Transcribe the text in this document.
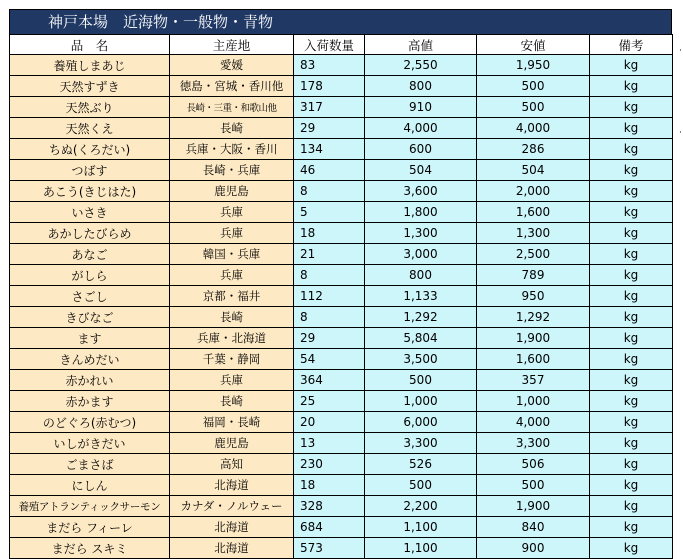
神戸本場　近海物・一般物・青物
品　名	主産地	入荷数量	高値	安値	備考
養殖しまあじ	愛媛	83	2,550	1,950	kg
天然すずき	徳島・宮城・香川他	178	800	500	kg
天然ぶり	長崎・三重・和歌山他	317	910	500	kg
天然くえ	長崎	29	4,000	4,000	kg
ちぬ(くろだい)	兵庫・大阪・香川	134	600	286	kg
つばす	長崎・兵庫	46	504	504	kg
あこう(きじはた)	鹿児島	8	3,600	2,000	kg
いさき	兵庫	5	1,800	1,600	kg
あかしたびらめ	兵庫	18	1,300	1,300	kg
あなご	韓国・兵庫	21	3,000	2,500	kg
がしら	兵庫	8	800	789	kg
さごし	京都・福井	112	1,133	950	kg
きびなご	長崎	8	1,292	1,292	kg
ます	兵庫・北海道	29	5,804	1,900	kg
きんめだい	千葉・静岡	54	3,500	1,600	kg
赤かれい	兵庫	364	500	357	kg
赤かます	長崎	25	1,000	1,000	kg
のどぐろ(赤むつ)	福岡・長崎	20	6,000	4,000	kg
いしがきだい	鹿児島	13	3,300	3,300	kg
ごまさば	高知	230	526	506	kg
にしん	北海道	18	500	500	kg
養殖アトランティックサーモン	カナダ・ノルウェー	328	2,200	1,900	kg
まだら フィーレ	北海道	684	1,100	840	kg
まだら スキミ	北海道	573	1,100	900	kg
·
·
